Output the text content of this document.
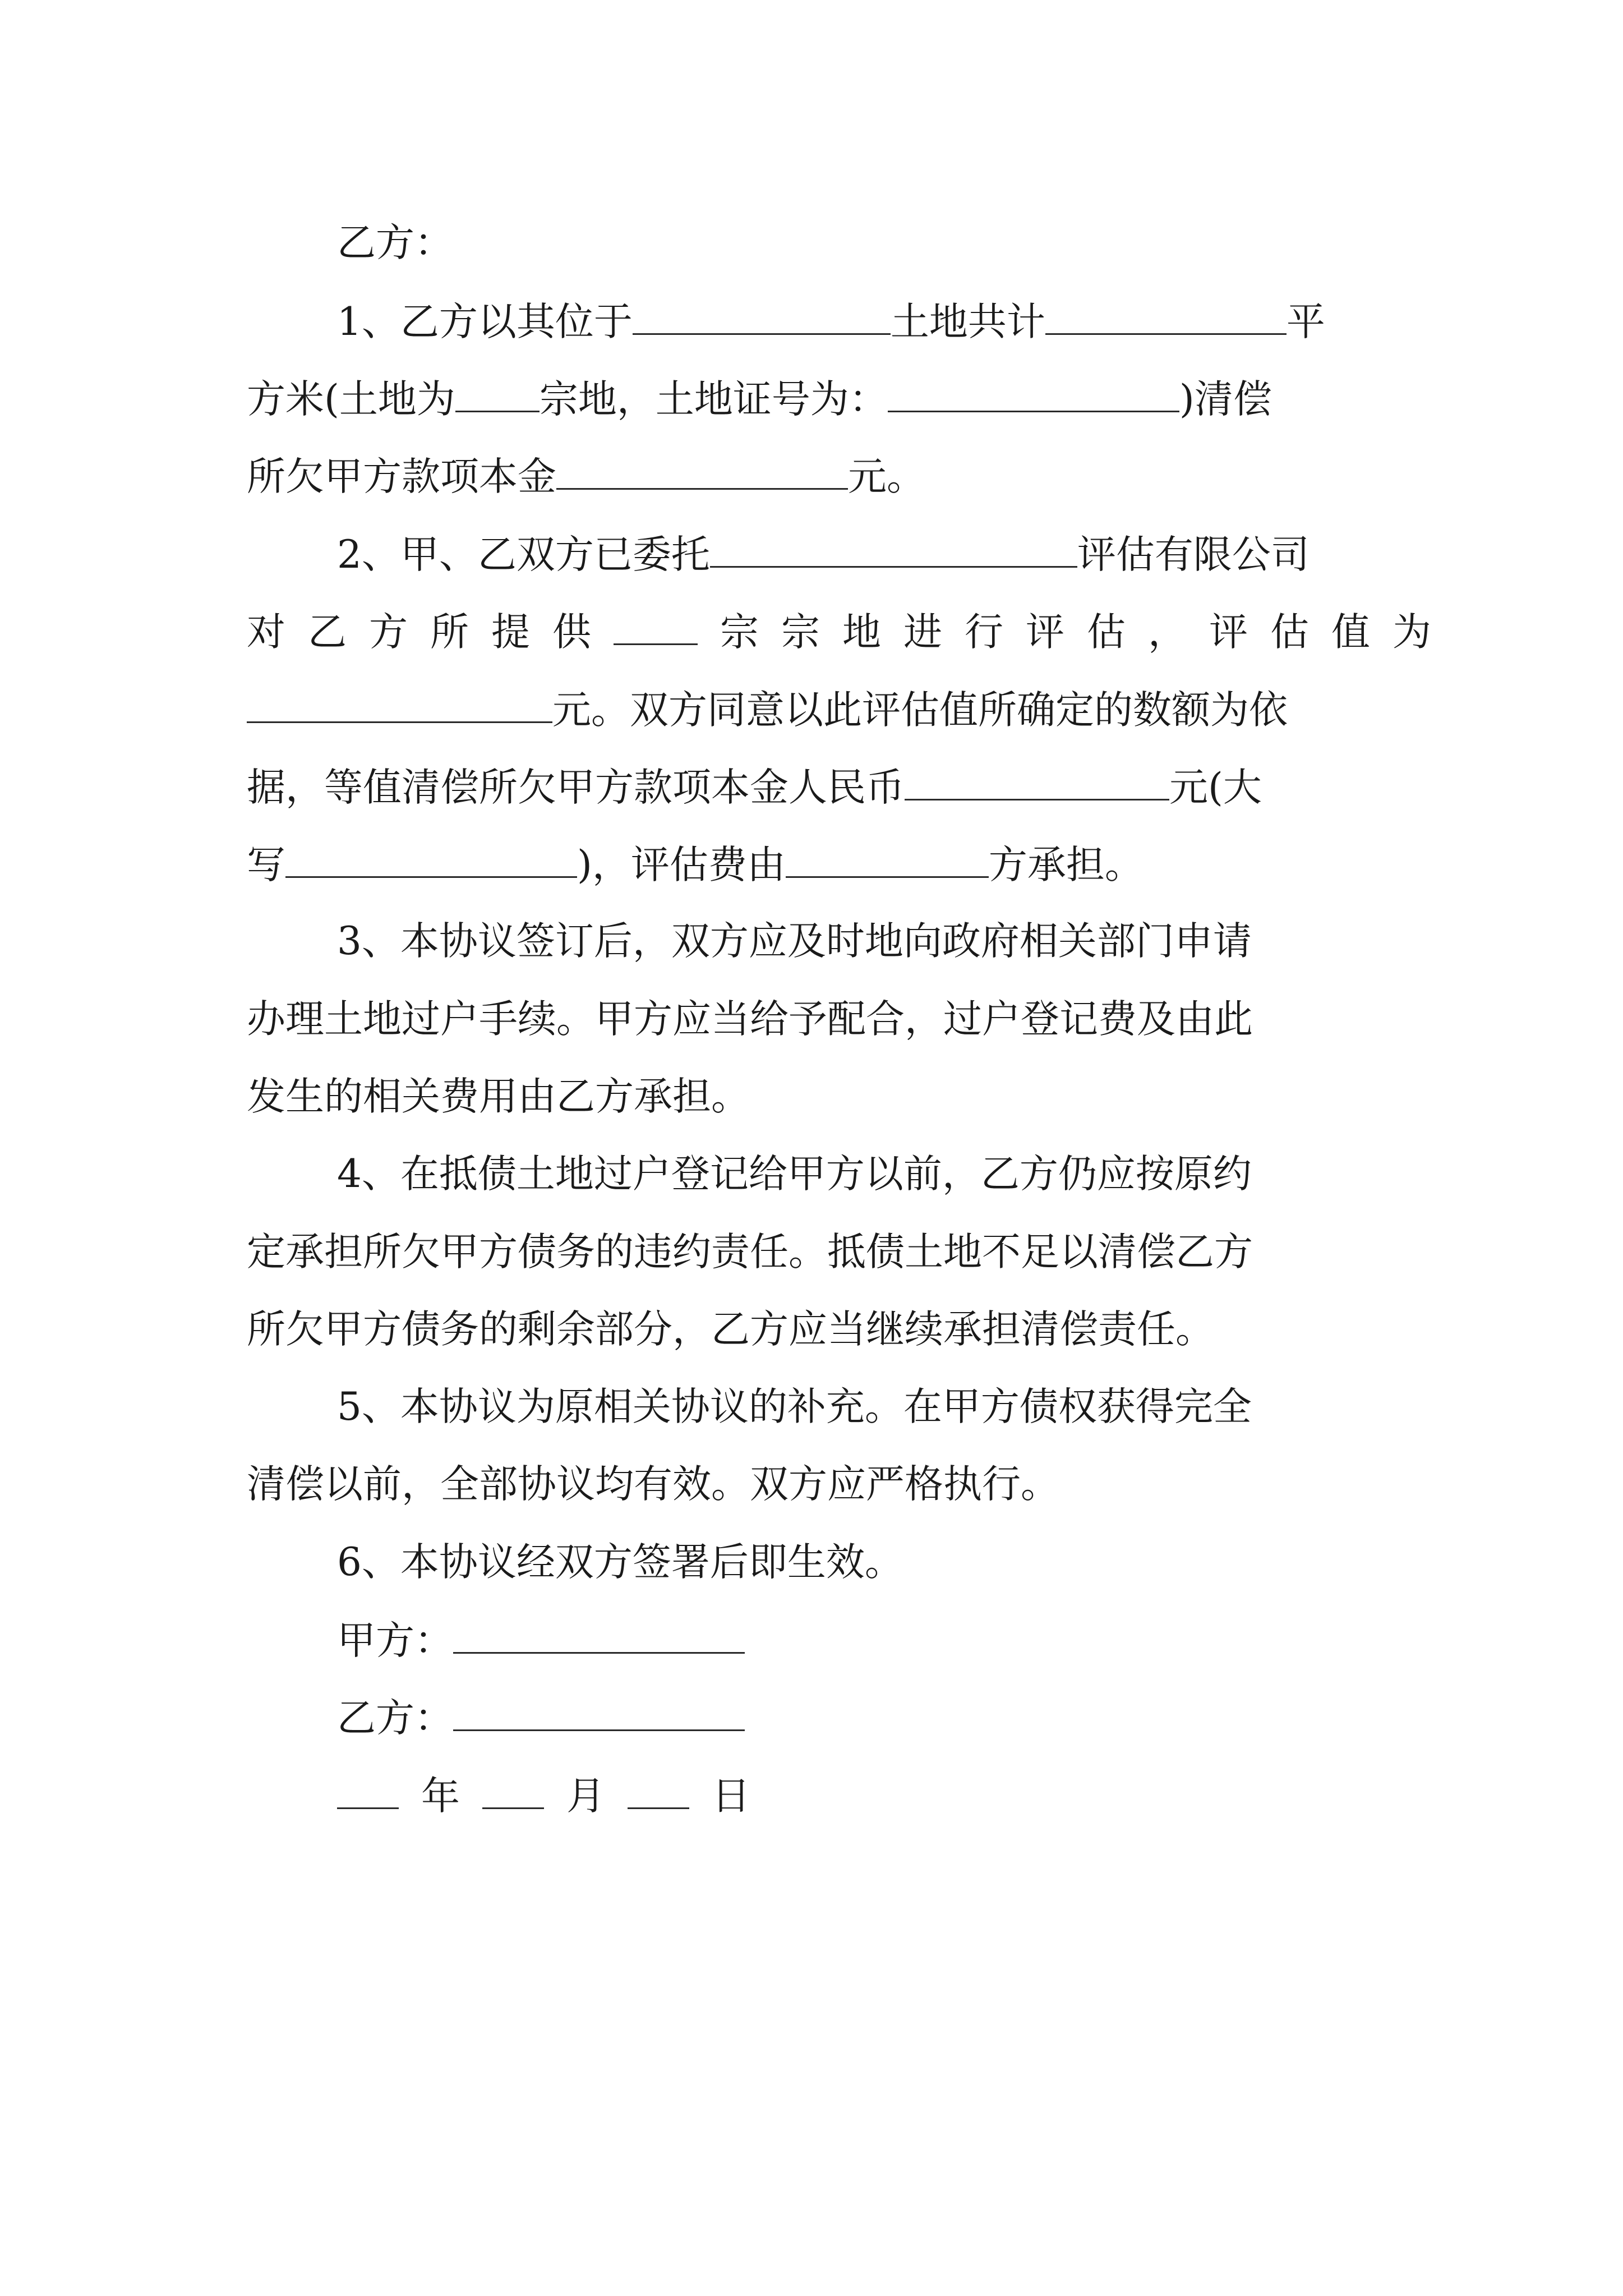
乙方：

1、乙方以其位于	土地共计	平

方米(土地为 宗地，土地证号为：	)清偿

所欠甲方款项本金	元。

2、甲、乙双方已委托	评估有限公司

对乙方所提供	宗宗地进行评估，评估值为

元。双方同意以此评估值所确定的数额为依

据，等值清偿所欠甲方款项本金人民币	元(大

写	)，评估费由	方承担。

3、本协议签订后，双方应及时地向政府相关部门申请

办理土地过户手续。甲方应当给予配合，过户登记费及由此

发生的相关费用由乙方承担。

4、在抵债土地过户登记给甲方以前，乙方仍应按原约

定承担所欠甲方债务的违约责任。抵债土地不足以清偿乙方

所欠甲方债务的剩余部分，乙方应当继续承担清偿责任。

5、本协议为原相关协议的补充。在甲方债权获得完全

清偿以前，全部协议均有效。双方应严格执行。

6、本协议经双方签署后即生效。

甲方：

乙方：

年	月	日
